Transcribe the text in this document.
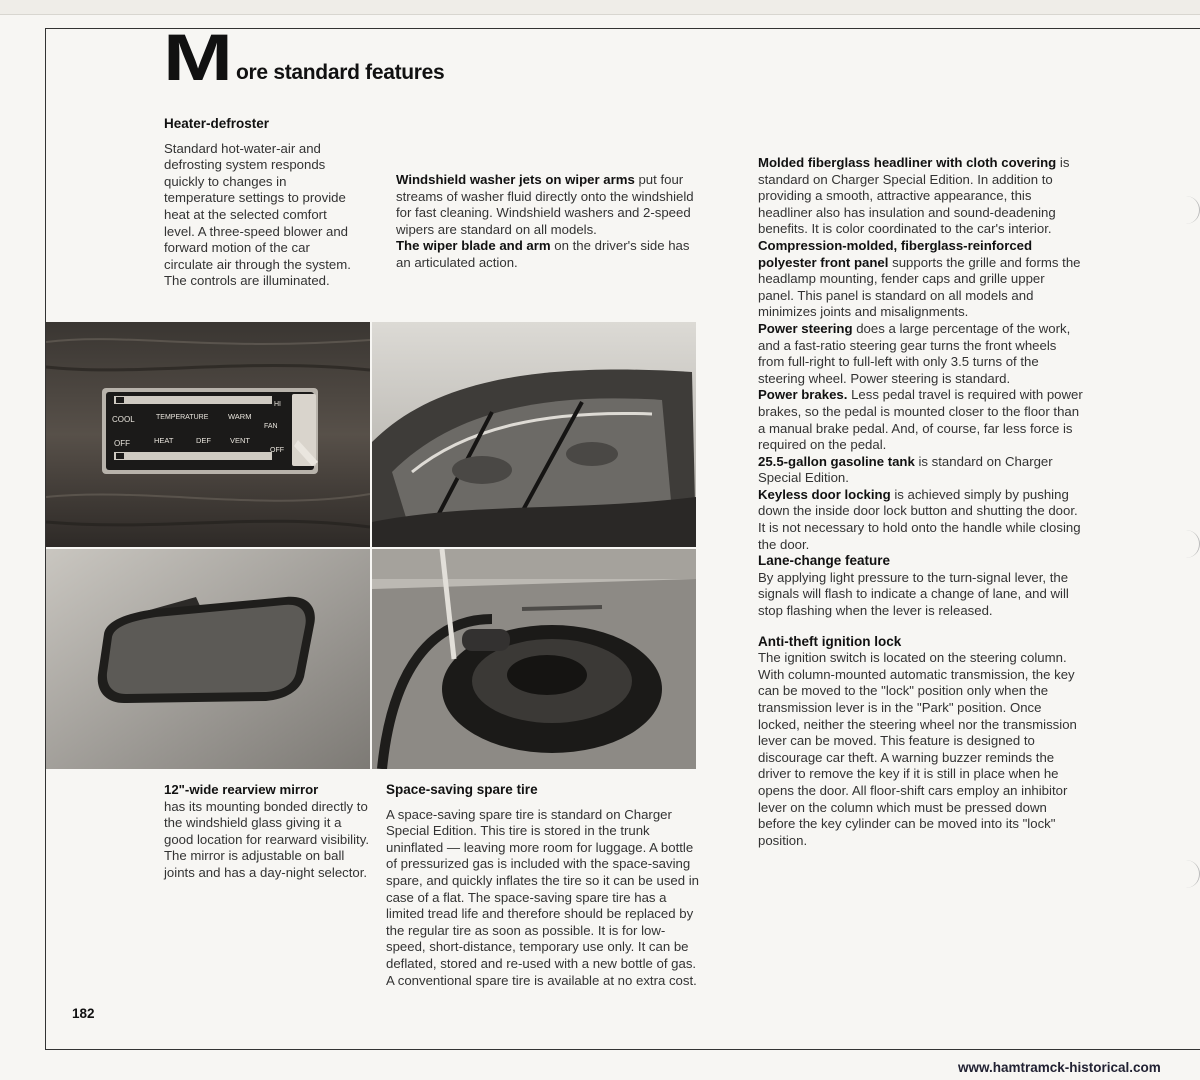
M ore standard features

Heater-defroster

Standard hot-water-air and defrosting system responds quickly to changes in temperature settings to provide heat at the selected comfort level. A three-speed blower and forward motion of the car circulate air through the system. The controls are illuminated.

Windshield washer jets on wiper arms put four streams of washer fluid directly onto the windshield for fast cleaning. Windshield washers and 2-speed wipers are standard on all models.

The wiper blade and arm on the driver's side has an articulated action.

COOL	TEMPERATURE	WARM
OFF	HEAT	DEF	VENT
HI
FAN
OFF

12"-wide rearview mirror

has its mounting bonded directly to the windshield glass giving it a good location for rearward visibility. The mirror is adjustable on ball joints and has a day-night selector.

Space-saving spare tire

A space-saving spare tire is standard on Charger Special Edition. This tire is stored in the trunk uninflated — leaving more room for luggage. A bottle of pressurized gas is included with the space-saving spare, and quickly inflates the tire so it can be used in case of a flat. The space-saving spare tire has a limited tread life and therefore should be replaced by the regular tire as soon as possible. It is for low-speed, short-distance, temporary use only. It can be deflated, stored and re-used with a new bottle of gas. A conventional spare tire is available at no extra cost.

Molded fiberglass headliner with cloth covering is standard on Charger Special Edition. In addition to providing a smooth, attractive appearance, this headliner also has insulation and sound-deadening benefits. It is color coordinated to the car's interior.

Compression-molded, fiberglass-reinforced polyester front panel supports the grille and forms the headlamp mounting, fender caps and grille upper panel. This panel is standard on all models and minimizes joints and misalignments.

Power steering does a large percentage of the work, and a fast-ratio steering gear turns the front wheels from full-right to full-left with only 3.5 turns of the steering wheel. Power steering is standard.

Power brakes. Less pedal travel is required with power brakes, so the pedal is mounted closer to the floor than a manual brake pedal. And, of course, far less force is required on the pedal.

25.5-gallon gasoline tank is standard on Charger Special Edition.

Keyless door locking is achieved simply by pushing down the inside door lock button and shutting the door. It is not necessary to hold onto the handle while closing the door.

Lane-change feature

By applying light pressure to the turn-signal lever, the signals will flash to indicate a change of lane, and will stop flashing when the lever is released.

Anti-theft ignition lock

The ignition switch is located on the steering column. With column-mounted automatic transmission, the key can be moved to the "lock" position only when the transmission lever is in the "Park" position. Once locked, neither the steering wheel nor the transmission lever can be moved. This feature is designed to discourage car theft. A warning buzzer reminds the driver to remove the key if it is still in place when he opens the door. All floor-shift cars employ an inhibitor lever on the column which must be pressed down before the key cylinder can be moved into its "lock" position.

182
www.hamtramck-historical.com
